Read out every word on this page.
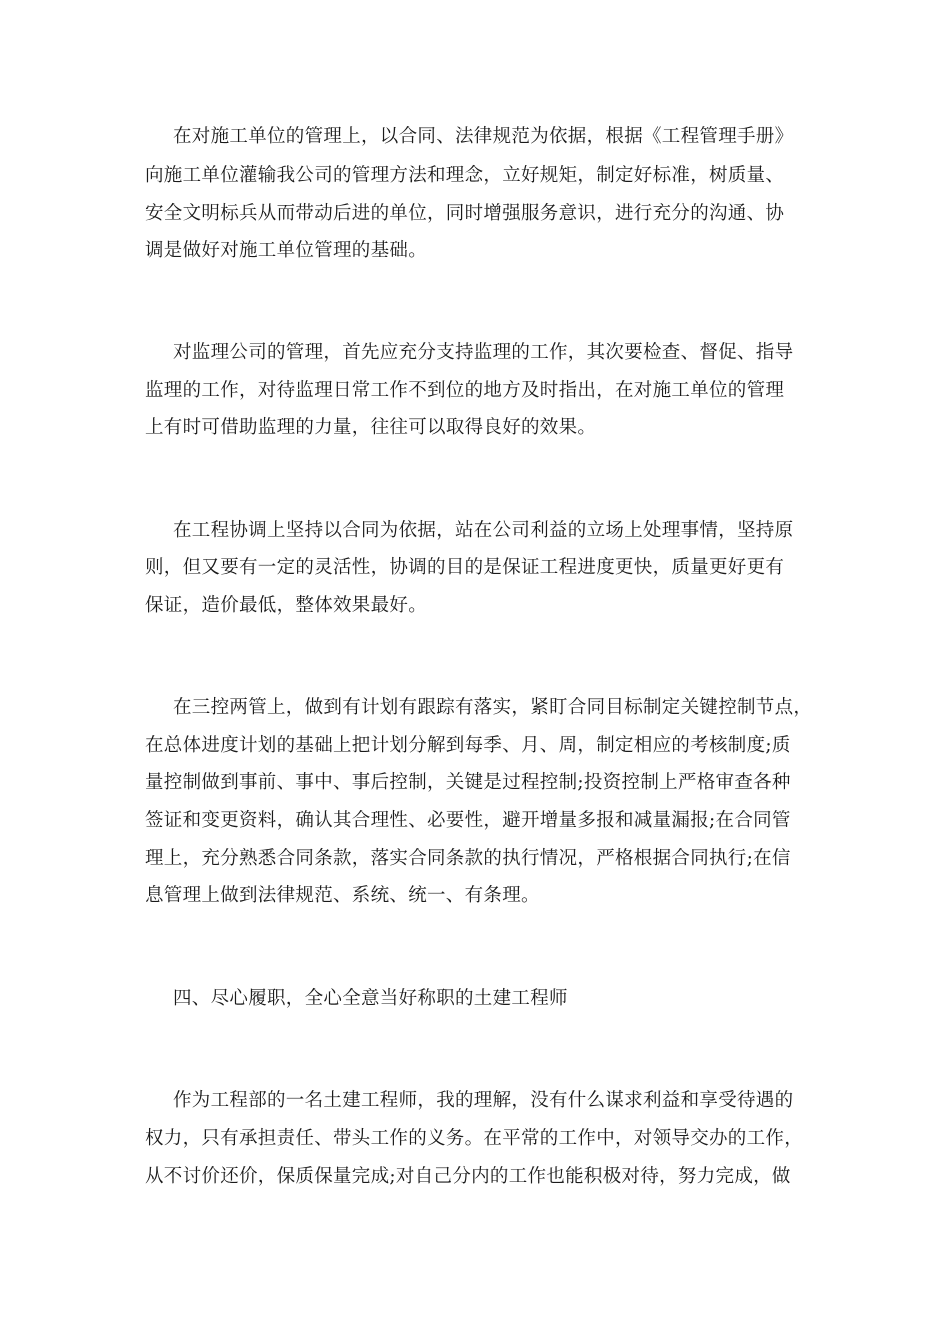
在对施工单位的管理上，以合同、法律规范为依据，根据《工程管理手册》
向施工单位灌输我公司的管理方法和理念，立好规矩，制定好标准，树质量、
安全文明标兵从而带动后进的单位，同时增强服务意识，进行充分的沟通、协
调是做好对施工单位管理的基础。
对监理公司的管理，首先应充分支持监理的工作，其次要检查、督促、指导
监理的工作，对待监理日常工作不到位的地方及时指出，在对施工单位的管理
上有时可借助监理的力量，往往可以取得良好的效果。
在工程协调上坚持以合同为依据，站在公司利益的立场上处理事情，坚持原
则，但又要有一定的灵活性，协调的目的是保证工程进度更快，质量更好更有
保证，造价最低，整体效果最好。
在三控两管上，做到有计划有跟踪有落实，紧盯合同目标制定关键控制节点，
在总体进度计划的基础上把计划分解到每季、月、周，制定相应的考核制度;质
量控制做到事前、事中、事后控制，关键是过程控制;投资控制上严格审查各种
签证和变更资料，确认其合理性、必要性，避开增量多报和减量漏报;在合同管
理上，充分熟悉合同条款，落实合同条款的执行情况，严格根据合同执行;在信
息管理上做到法律规范、系统、统一、有条理。
四、尽心履职，全心全意当好称职的土建工程师
作为工程部的一名土建工程师，我的理解，没有什么谋求利益和享受待遇的
权力，只有承担责任、带头工作的义务。在平常的工作中，对领导交办的工作，
从不讨价还价，保质保量完成;对自己分内的工作也能积极对待，努力完成，做
